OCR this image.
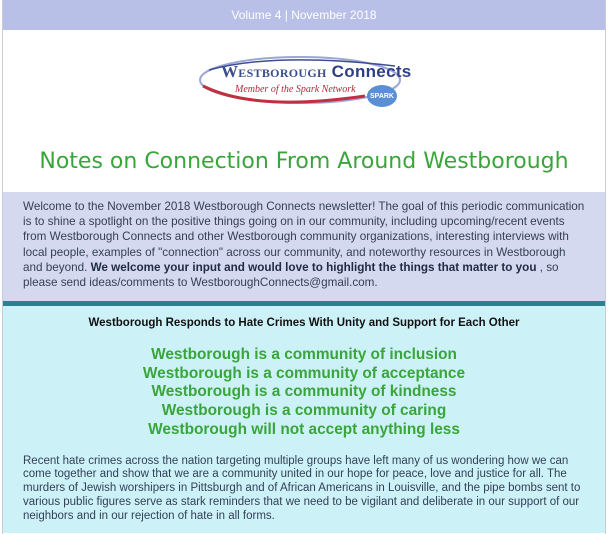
Volume 4 | November 2018
Westborough Connects
Member of the Spark Network
SPARK
Notes on Connection From Around Westborough
Welcome to the November 2018 Westborough Connects newsletter! The goal of this periodic communication is to shine a spotlight on the positive things going on in our community, including upcoming/recent events from Westborough Connects and other Westborough community organizations, interesting interviews with local people, examples of "connection" across our community, and noteworthy resources in Westborough and beyond. We welcome your input and would love to highlight the things that matter to you , so please send ideas/comments to WestboroughConnects@gmail.com.
Westborough Responds to Hate Crimes With Unity and Support for Each Other
Westborough is a community of inclusion
Westborough is a community of acceptance
Westborough is a community of kindness
Westborough is a community of caring
Westborough will not accept anything less
Recent hate crimes across the nation targeting multiple groups have left many of us wondering how we can come together and show that we are a community united in our hope for peace, love and justice for all. The murders of Jewish worshipers in Pittsburgh and of African Americans in Louisville, and the pipe bombs sent to various public figures serve as stark reminders that we need to be vigilant and deliberate in our support of our neighbors and in our rejection of hate in all forms.
